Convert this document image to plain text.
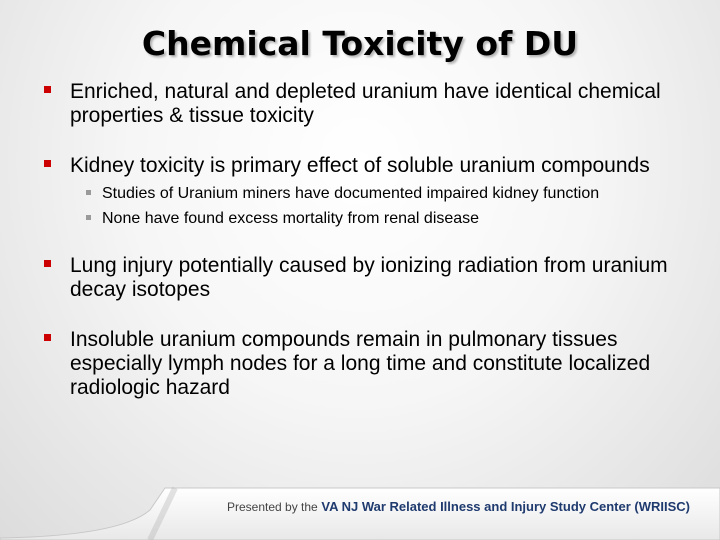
Chemical Toxicity of DU
Enriched, natural and depleted uranium have identical chemical properties & tissue toxicity
Kidney toxicity is primary effect of soluble uranium compounds
Studies of Uranium miners have documented impaired kidney function
None have found excess mortality from renal disease
Lung injury potentially caused by ionizing radiation from uranium decay isotopes
Insoluble uranium compounds remain in pulmonary tissues especially lymph nodes for a long time and constitute localized radiologic hazard
Presented by the VA NJ War Related Illness and Injury Study Center (WRIISC)
